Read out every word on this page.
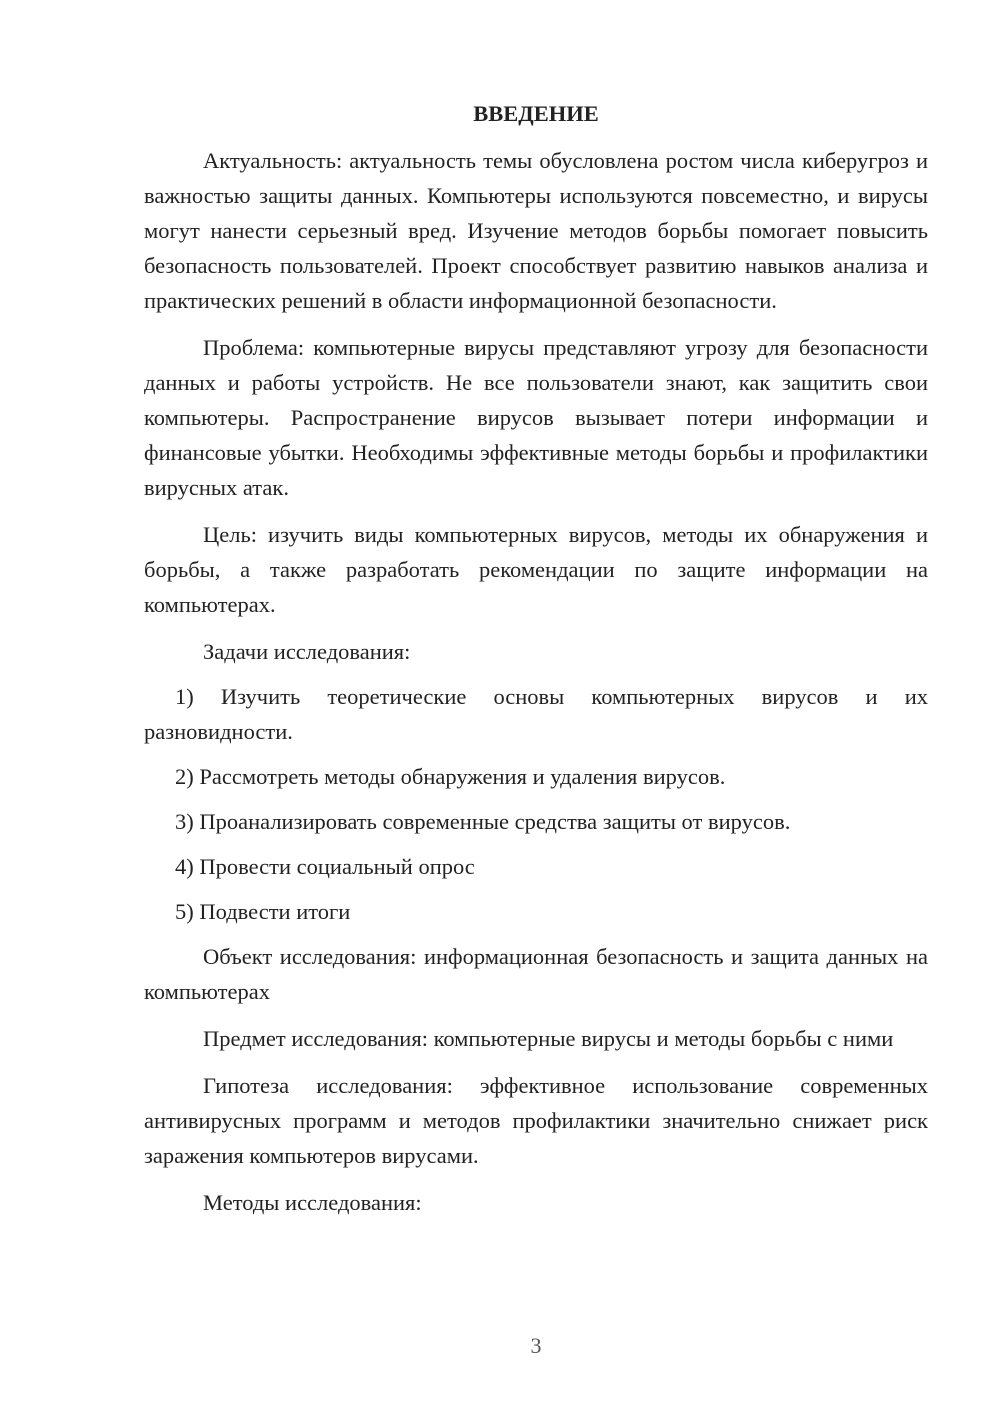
ВВЕДЕНИЕ

Актуальность: актуальность темы обусловлена ростом числа киберугроз и важностью защиты данных. Компьютеры используются повсеместно, и вирусы могут нанести серьезный вред. Изучение методов борьбы помогает повысить безопасность пользователей. Проект способствует развитию навыков анализа и практических решений в области информационной безопасности.

Проблема: компьютерные вирусы представляют угрозу для безопасности данных и работы устройств. Не все пользователи знают, как защитить свои компьютеры. Распространение вирусов вызывает потери информации и финансовые убытки. Необходимы эффективные методы борьбы и профилактики вирусных атак.

Цель: изучить виды компьютерных вирусов, методы их обнаружения и борьбы, а также разработать рекомендации по защите информации на компьютерах.

Задачи исследования:

1) Изучить теоретические основы компьютерных вирусов и их разновидности.

2) Рассмотреть методы обнаружения и удаления вирусов.

3) Проанализировать современные средства защиты от вирусов.

4) Провести социальный опрос

5) Подвести итоги

Объект исследования: информационная безопасность и защита данных на компьютерах

Предмет исследования: компьютерные вирусы и методы борьбы с ними

Гипотеза исследования: эффективное использование современных антивирусных программ и методов профилактики значительно снижает риск заражения компьютеров вирусами.

Методы исследования:

3
